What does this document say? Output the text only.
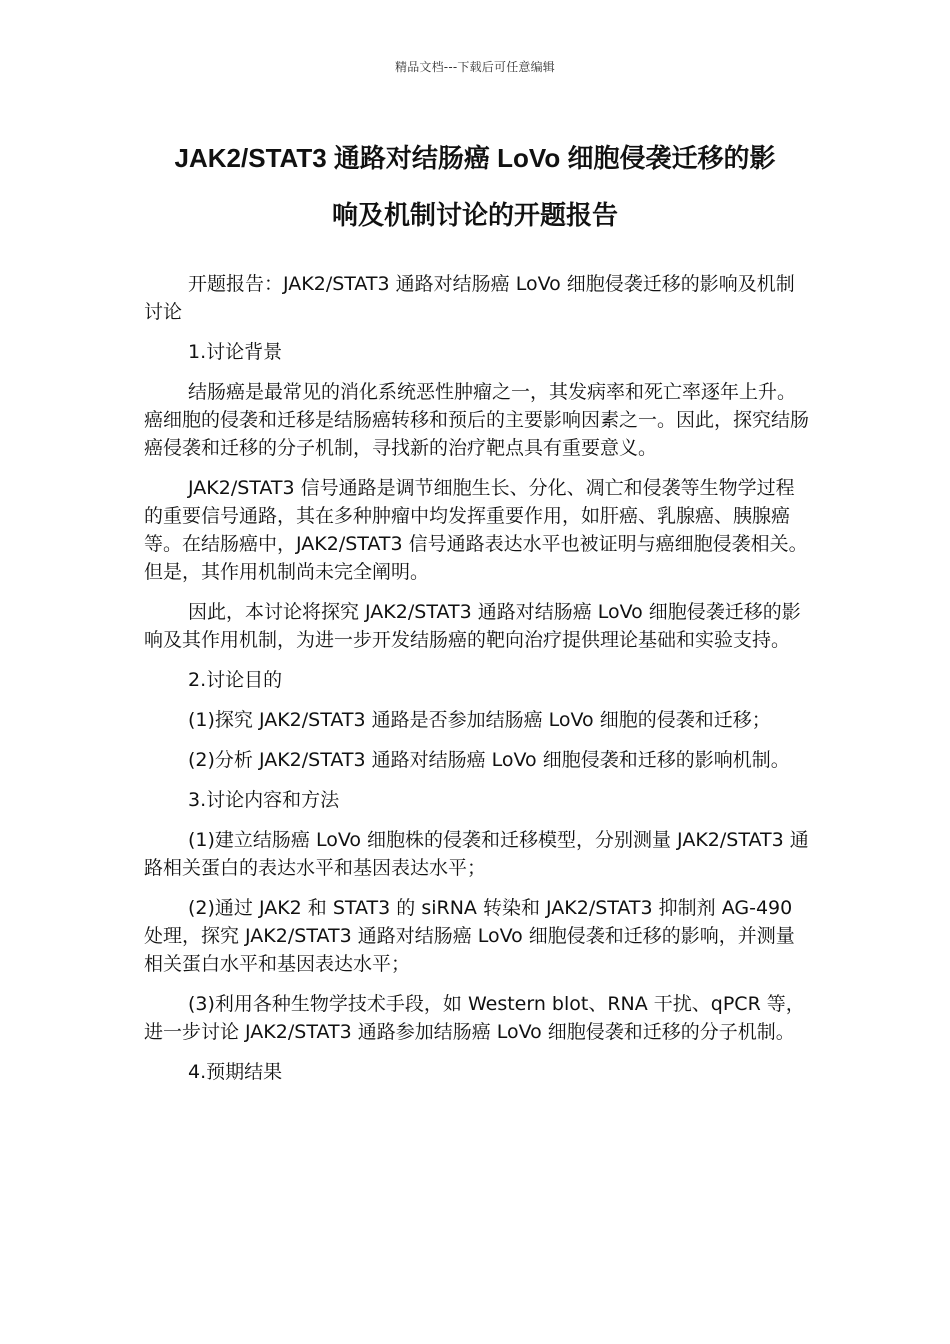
精品文档---下载后可任意编辑
JAK2/STAT3 通路对结肠癌 LoVo 细胞侵袭迁移的影
响及机制讨论的开题报告

开题报告：JAK2/STAT3 通路对结肠癌 LoVo 细胞侵袭迁移的影响及机制讨论

1.讨论背景

结肠癌是最常见的消化系统恶性肿瘤之一，其发病率和死亡率逐年上升。癌细胞的侵袭和迁移是结肠癌转移和预后的主要影响因素之一。因此，探究结肠癌侵袭和迁移的分子机制，寻找新的治疗靶点具有重要意义。

JAK2/STAT3 信号通路是调节细胞生长、分化、凋亡和侵袭等生物学过程的重要信号通路，其在多种肿瘤中均发挥重要作用，如肝癌、乳腺癌、胰腺癌等。在结肠癌中，JAK2/STAT3 信号通路表达水平也被证明与癌细胞侵袭相关。但是，其作用机制尚未完全阐明。

因此，本讨论将探究 JAK2/STAT3 通路对结肠癌 LoVo 细胞侵袭迁移的影响及其作用机制，为进一步开发结肠癌的靶向治疗提供理论基础和实验支持。

2.讨论目的

(1)探究 JAK2/STAT3 通路是否参加结肠癌 LoVo 细胞的侵袭和迁移；

(2)分析 JAK2/STAT3 通路对结肠癌 LoVo 细胞侵袭和迁移的影响机制。

3.讨论内容和方法

(1)建立结肠癌 LoVo 细胞株的侵袭和迁移模型，分别测量 JAK2/STAT3 通路相关蛋白的表达水平和基因表达水平；

(2)通过 JAK2 和 STAT3 的 siRNA 转染和 JAK2/STAT3 抑制剂 AG-490 处理，探究 JAK2/STAT3 通路对结肠癌 LoVo 细胞侵袭和迁移的影响，并测量相关蛋白水平和基因表达水平；

(3)利用各种生物学技术手段，如 Western blot、RNA 干扰、qPCR 等，进一步讨论 JAK2/STAT3 通路参加结肠癌 LoVo 细胞侵袭和迁移的分子机制。

4.预期结果
